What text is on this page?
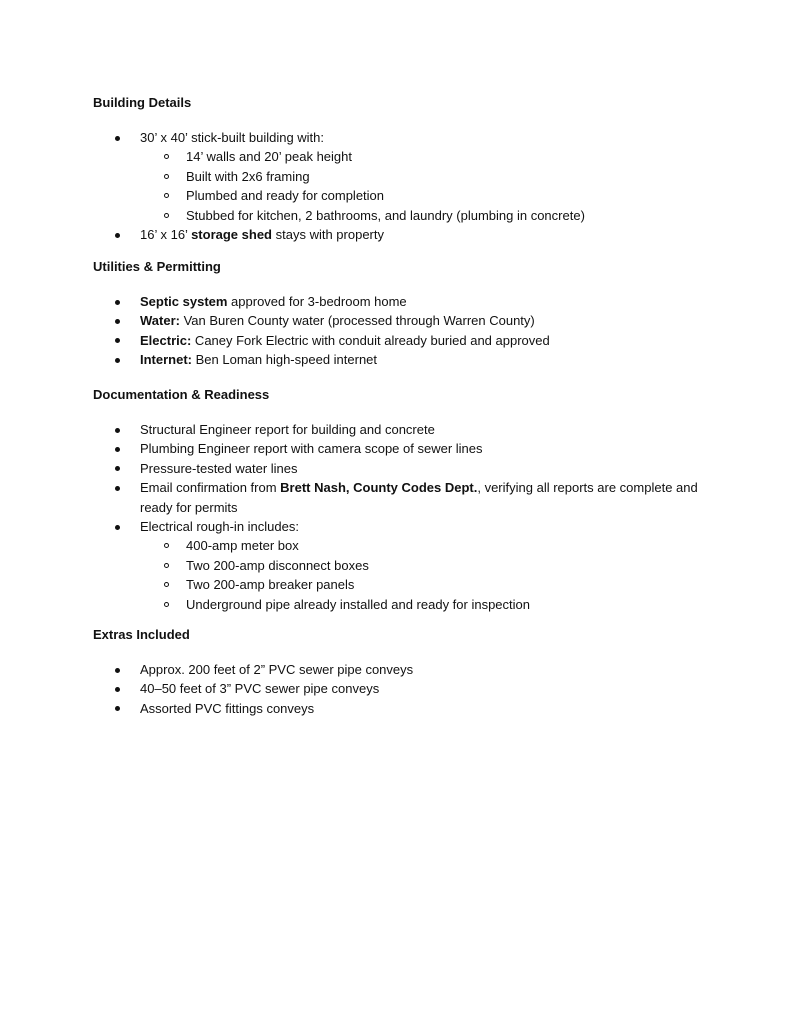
Building Details

30’ x 40’ stick-built building with:
14’ walls and 20’ peak height
Built with 2x6 framing
Plumbed and ready for completion
Stubbed for kitchen, 2 bathrooms, and laundry (plumbing in concrete)
16’ x 16’ storage shed stays with property

Utilities & Permitting

Septic system approved for 3-bedroom home
Water: Van Buren County water (processed through Warren County)
Electric: Caney Fork Electric with conduit already buried and approved
Internet: Ben Loman high-speed internet

Documentation & Readiness

Structural Engineer report for building and concrete
Plumbing Engineer report with camera scope of sewer lines
Pressure-tested water lines
Email confirmation from Brett Nash, County Codes Dept., verifying all reports are complete and
ready for permits
Electrical rough-in includes:
400-amp meter box
Two 200-amp disconnect boxes
Two 200-amp breaker panels
Underground pipe already installed and ready for inspection

Extras Included

Approx. 200 feet of 2” PVC sewer pipe conveys
40–50 feet of 3” PVC sewer pipe conveys
Assorted PVC fittings conveys
